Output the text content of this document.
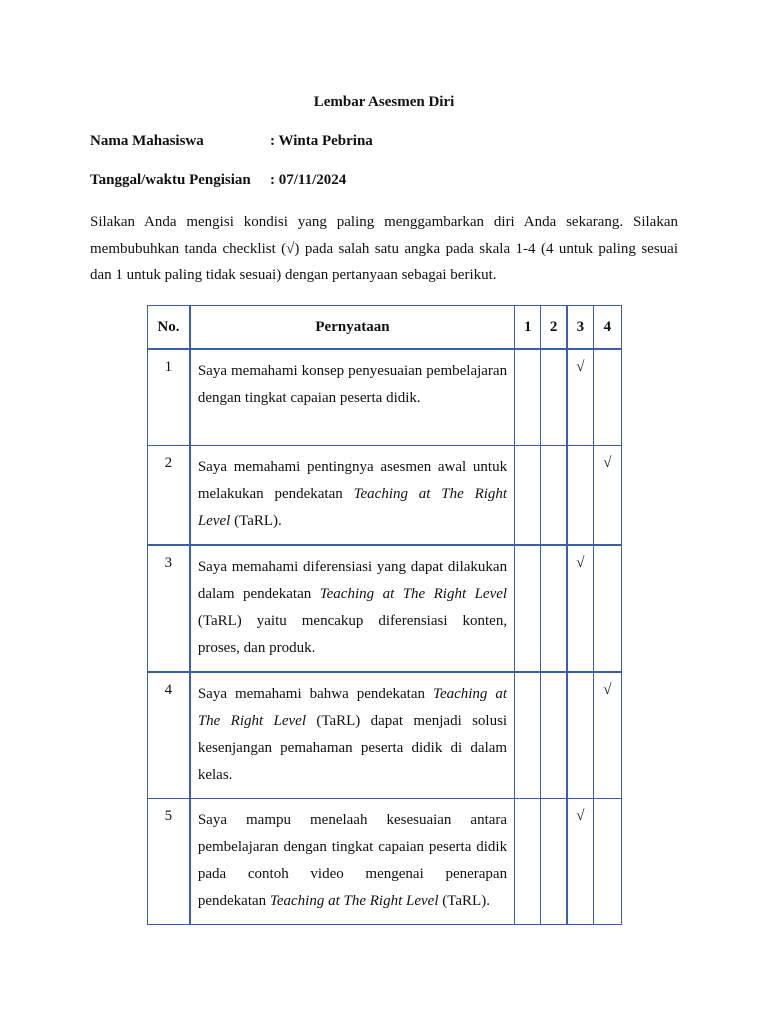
Lembar Asesmen Diri
Nama Mahasiswa	: Winta Pebrina
Tanggal/waktu Pengisian : 07/11/2024
Silakan Anda mengisi kondisi yang paling menggambarkan diri Anda sekarang. Silakan membubuhkan tanda checklist (√) pada salah satu angka pada skala 1-4 (4 untuk paling sesuai dan 1 untuk paling tidak sesuai) dengan pertanyaan sebagai berikut.
No.	Pernyataan	1	2	3	4
1	Saya memahami konsep penyesuaian pembelajaran dengan tingkat capaian peserta didik.			√	
2	Saya memahami pentingnya asesmen awal untuk melakukan pendekatan Teaching at The Right Level (TaRL).				√
3	Saya memahami diferensiasi yang dapat dilakukan dalam pendekatan Teaching at The Right Level (TaRL) yaitu mencakup diferensiasi konten, proses, dan produk.			√	
4	Saya memahami bahwa pendekatan Teaching at The Right Level (TaRL) dapat menjadi solusi kesenjangan pemahaman peserta didik di dalam kelas.				√
5	Saya mampu menelaah kesesuaian antara pembelajaran dengan tingkat capaian peserta didik pada contoh video mengenai penerapan pendekatan Teaching at The Right Level (TaRL).			√	
